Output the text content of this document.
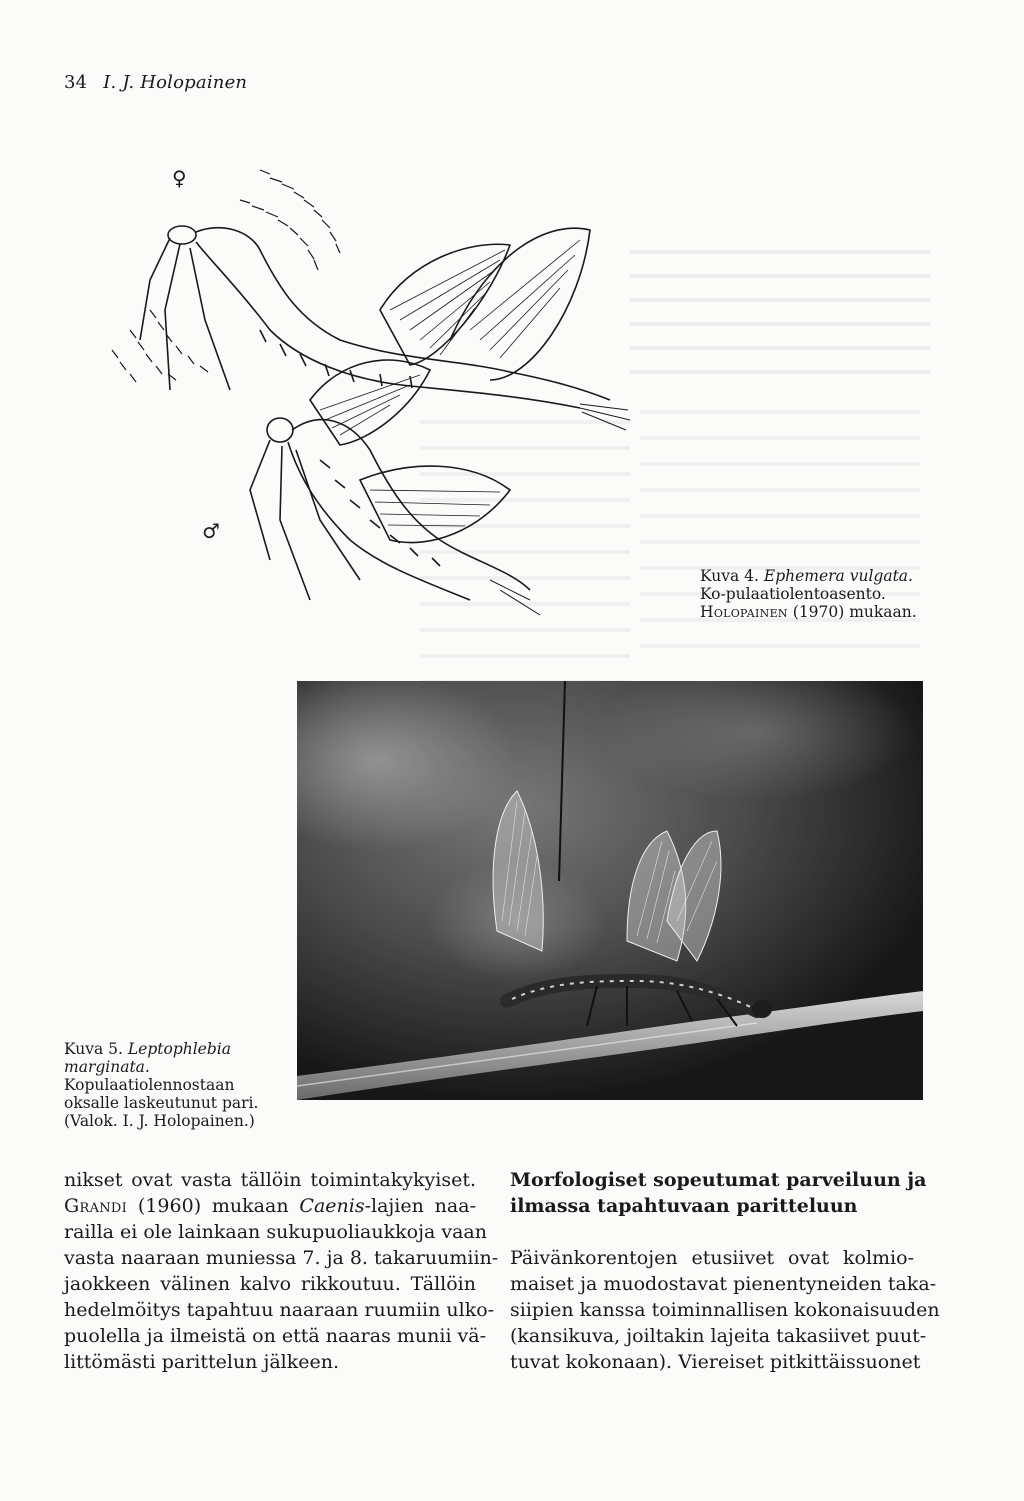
34 I. J. Holopainen
♀
♂
Kuva 4. Ephemera vulgata. Ko-pulaatiolentoasento. Holopainen (1970) mukaan.
Kuva 5. Leptophlebia marginata. Kopulaatiolennostaan oksalle laskeutunut pari. (Valok. I. J. Holopainen.)
nikset ovat vasta tällöin toimintakykyiset.
Grandi (1960) mukaan Caenis-lajien naa-
railla ei ole lainkaan sukupuoliaukkoja vaan
vasta naaraan muniessa 7. ja 8. takaruumiin-
jaokkeen välinen kalvo rikkoutuu. Tällöin
hedelmöitys tapahtuu naaraan ruumiin ulko-
puolella ja ilmeistä on että naaras munii vä-
littömästi parittelun jälkeen.
Morfologiset sopeutumat parveiluun ja
ilmassa tapahtuvaan paritteluun
Päivänkorentojen etusiivet ovat kolmio-
maiset ja muodostavat pienentyneiden taka-
siipien kanssa toiminnallisen kokonaisuuden
(kansikuva, joiltakin lajeita takasiivet puut-
tuvat kokonaan). Viereiset pitkittäissuonet
